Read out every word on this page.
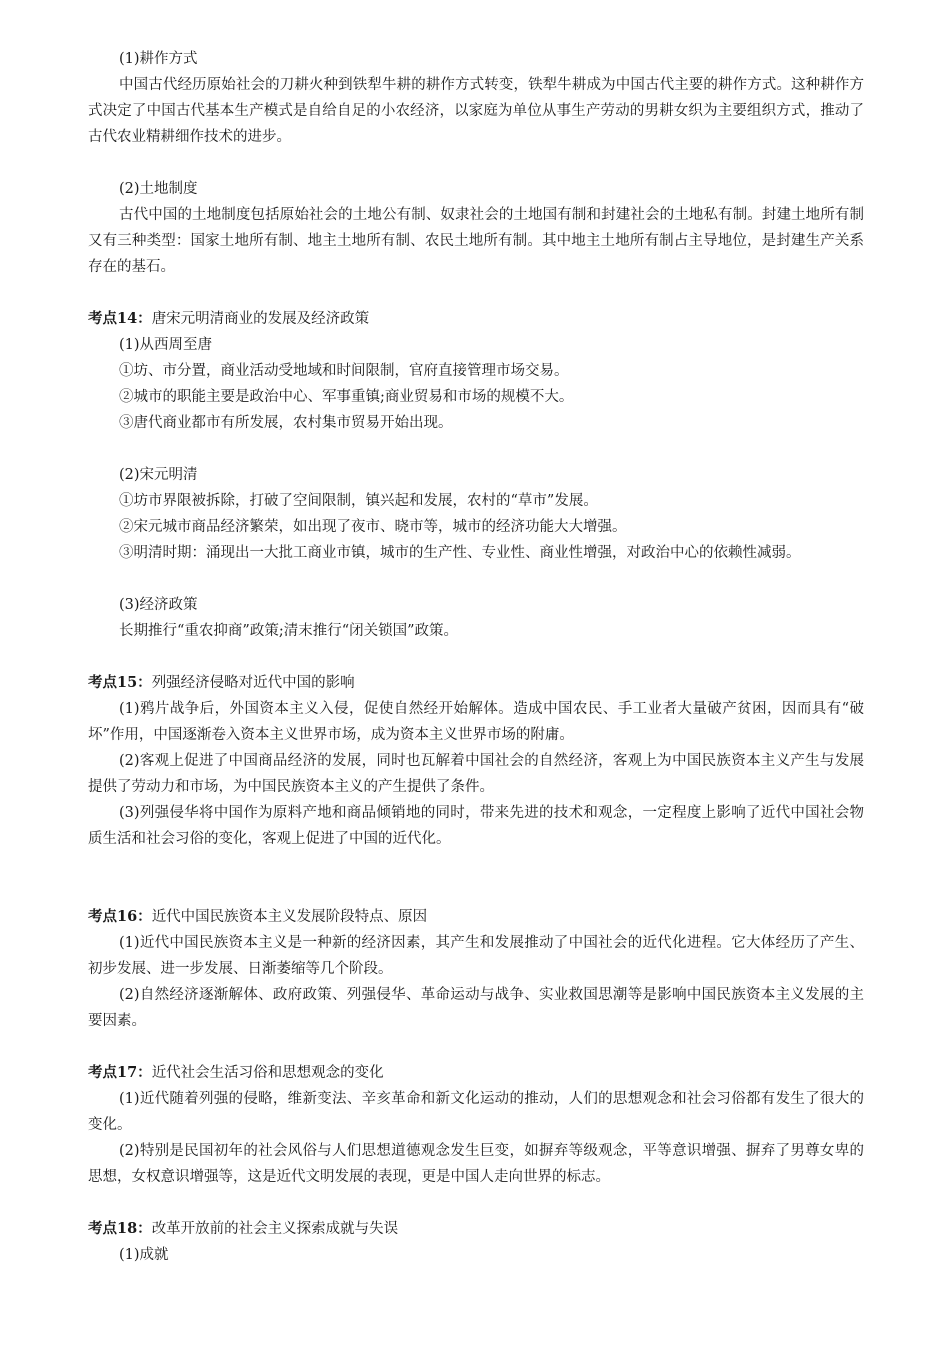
(1)耕作方式
中国古代经历原始社会的刀耕火种到铁犁牛耕的耕作方式转变，铁犁牛耕成为中国古代主要的耕作方式。这种耕作方式决定了中国古代基本生产模式是自给自足的小农经济，以家庭为单位从事生产劳动的男耕女织为主要组织方式，推动了古代农业精耕细作技术的进步。
(2)土地制度
古代中国的土地制度包括原始社会的土地公有制、奴隶社会的土地国有制和封建社会的土地私有制。封建土地所有制又有三种类型：国家土地所有制、地主土地所有制、农民土地所有制。其中地主土地所有制占主导地位，是封建生产关系存在的基石。
考点14：唐宋元明清商业的发展及经济政策
(1)从西周至唐
①坊、市分置，商业活动受地域和时间限制，官府直接管理市场交易。
②城市的职能主要是政治中心、军事重镇;商业贸易和市场的规模不大。
③唐代商业都市有所发展，农村集市贸易开始出现。
(2)宋元明清
①坊市界限被拆除，打破了空间限制，镇兴起和发展，农村的“草市”发展。
②宋元城市商品经济繁荣，如出现了夜市、晓市等，城市的经济功能大大增强。
③明清时期：涌现出一大批工商业市镇，城市的生产性、专业性、商业性增强，对政治中心的依赖性减弱。
(3)经济政策
长期推行“重农抑商”政策;清末推行“闭关锁国”政策。
考点15：列强经济侵略对近代中国的影响
(1)鸦片战争后，外国资本主义入侵，促使自然经开始解体。造成中国农民、手工业者大量破产贫困，因而具有“破坏”作用，中国逐渐卷入资本主义世界市场，成为资本主义世界市场的附庸。
(2)客观上促进了中国商品经济的发展，同时也瓦解着中国社会的自然经济，客观上为中国民族资本主义产生与发展提供了劳动力和市场，为中国民族资本主义的产生提供了条件。
(3)列强侵华将中国作为原料产地和商品倾销地的同时，带来先进的技术和观念，一定程度上影响了近代中国社会物质生活和社会习俗的变化，客观上促进了中国的近代化。
考点16：近代中国民族资本主义发展阶段特点、原因
(1)近代中国民族资本主义是一种新的经济因素，其产生和发展推动了中国社会的近代化进程。它大体经历了产生、初步发展、进一步发展、日渐萎缩等几个阶段。
(2)自然经济逐渐解体、政府政策、列强侵华、革命运动与战争、实业救国思潮等是影响中国民族资本主义发展的主要因素。
考点17：近代社会生活习俗和思想观念的变化
(1)近代随着列强的侵略，维新变法、辛亥革命和新文化运动的推动，人们的思想观念和社会习俗都有发生了很大的变化。
(2)特别是民国初年的社会风俗与人们思想道德观念发生巨变，如摒弃等级观念，平等意识增强、摒弃了男尊女卑的思想，女权意识增强等，这是近代文明发展的表现，更是中国人走向世界的标志。
考点18：改革开放前的社会主义探索成就与失误
(1)成就
